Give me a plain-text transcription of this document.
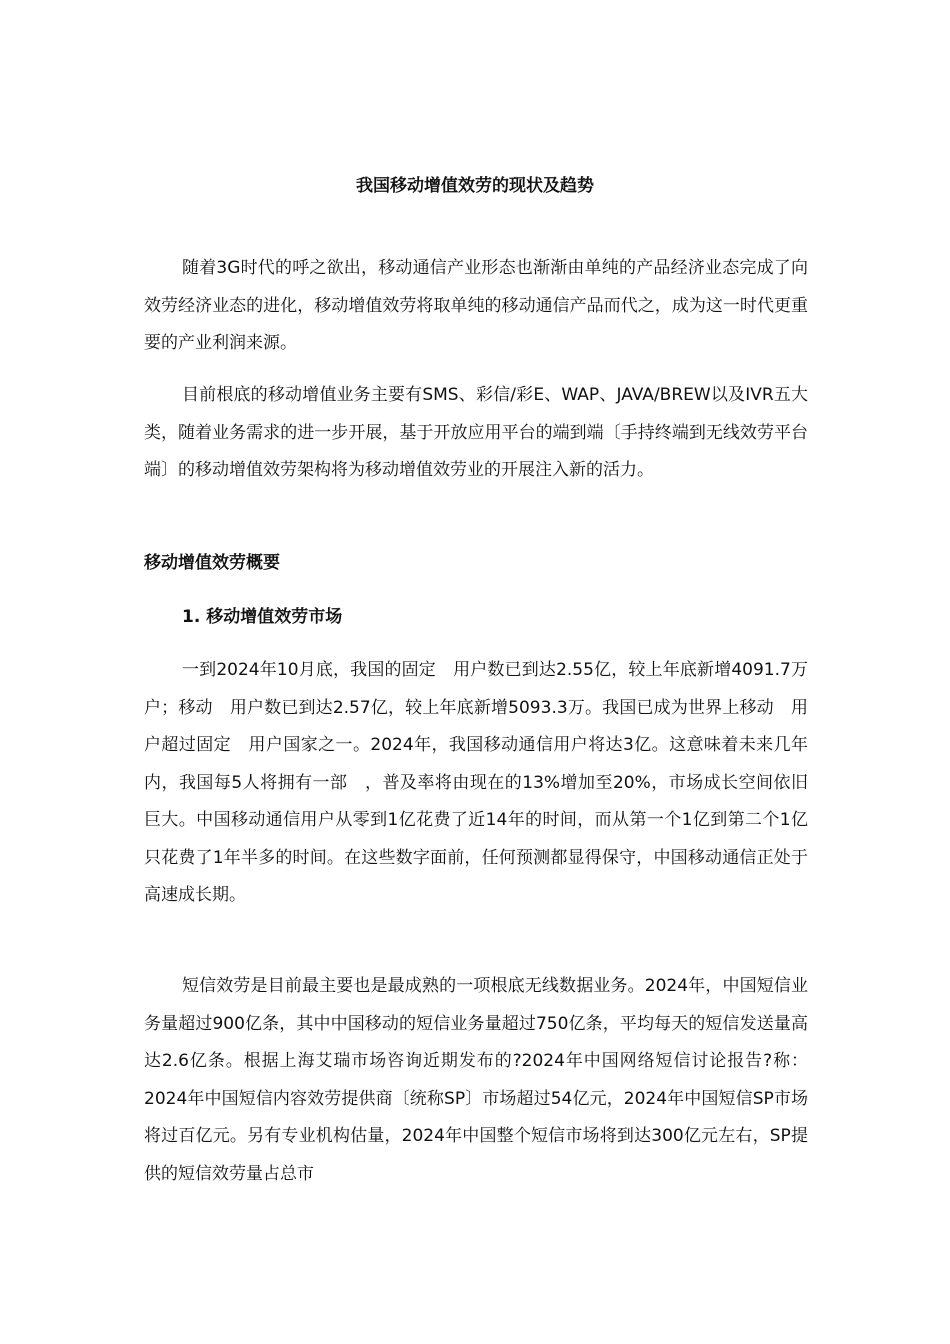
我国移动增值效劳的现状及趋势

随着3G时代的呼之欲出，移动通信产业形态也渐渐由单纯的产品经济业态完成了向效劳经济业态的进化，移动增值效劳将取单纯的移动通信产品而代之，成为这一时代更重要的产业利润来源。

目前根底的移动增值业务主要有SMS、彩信/彩E、WAP、JAVA/BREW以及IVR五大类，随着业务需求的进一步开展，基于开放应用平台的端到端〔手持终端到无线效劳平台端〕的移动增值效劳架构将为移动增值效劳业的开展注入新的活力。

移动增值效劳概要
1. 移动增值效劳市场

一到2024年10月底，我国的固定　用户数已到达2.55亿，较上年底新增4091.7万户；移动　用户数已到达2.57亿，较上年底新增5093.3万。我国已成为世界上移动　用户超过固定　用户国家之一。2024年，我国移动通信用户将达3亿。这意味着未来几年内，我国每5人将拥有一部　，普及率将由现在的13%增加至20%，市场成长空间依旧巨大。中国移动通信用户从零到1亿花费了近14年的时间，而从第一个1亿到第二个1亿只花费了1年半多的时间。在这些数字面前，任何预测都显得保守，中国移动通信正处于高速成长期。

短信效劳是目前最主要也是最成熟的一项根底无线数据业务。2024年，中国短信业务量超过900亿条，其中中国移动的短信业务量超过750亿条，平均每天的短信发送量高达2.6亿条。根据上海艾瑞市场咨询近期发布的?2024年中国网络短信讨论报告?称：2024年中国短信内容效劳提供商〔统称SP〕市场超过54亿元，2024年中国短信SP市场将过百亿元。另有专业机构估量，2024年中国整个短信市场将到达300亿元左右，SP提供的短信效劳量占总市
